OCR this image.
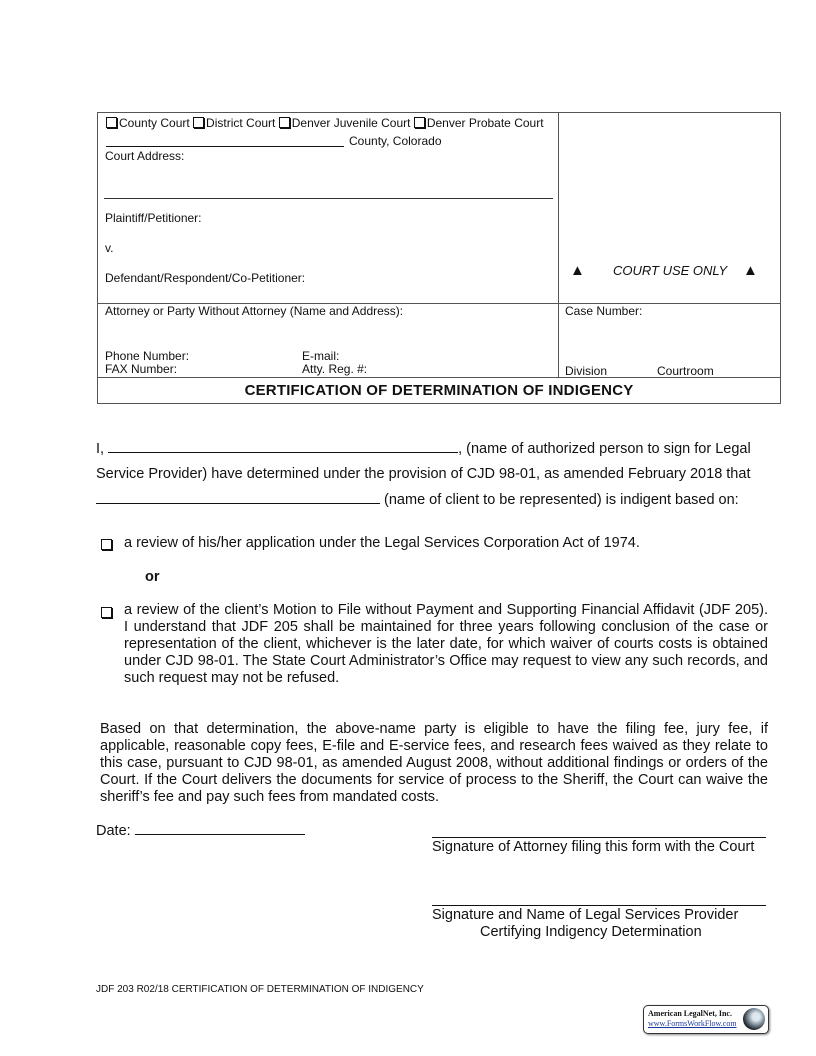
County Court District Court Denver Juvenile Court Denver Probate Court
County, Colorado
Court Address:
Plaintiff/Petitioner:
v.
Defendant/Respondent/Co-Petitioner:	▲ COURT USE ONLY ▲
Attorney or Party Without Attorney (Name and Address):
Phone Number:	E-mail:
FAX Number:	Atty. Reg. #:
Case Number:
Division	Courtroom
CERTIFICATION OF DETERMINATION OF INDIGENCY
I,	, (name of authorized person to sign for Legal
Service Provider) have determined under the provision of CJD 98-01, as amended February 2018 that
(name of client to be represented) is indigent based on:
a review of his/her application under the Legal Services Corporation Act of 1974.
or
a review of the client’s Motion to File without Payment and Supporting Financial Affidavit (JDF 205). I understand that JDF 205 shall be maintained for three years following conclusion of the case or representation of the client, whichever is the later date, for which waiver of courts costs is obtained under CJD 98-01. The State Court Administrator’s Office may request to view any such records, and such request may not be refused.
Based on that determination, the above-name party is eligible to have the filing fee, jury fee, if applicable, reasonable copy fees, E-file and E-service fees, and research fees waived as they relate to this case, pursuant to CJD 98-01, as amended August 2008, without additional findings or orders of the Court. If the Court delivers the documents for service of process to the Sheriff, the Court can waive the sheriff’s fee and pay such fees from mandated costs.
Date:
Signature of Attorney filing this form with the Court
Signature and Name of Legal Services Provider
Certifying Indigency Determination
JDF 203 R02/18 CERTIFICATION OF DETERMINATION OF INDIGENCY
American LegalNet, Inc.
www.FormsWorkFlow.com
